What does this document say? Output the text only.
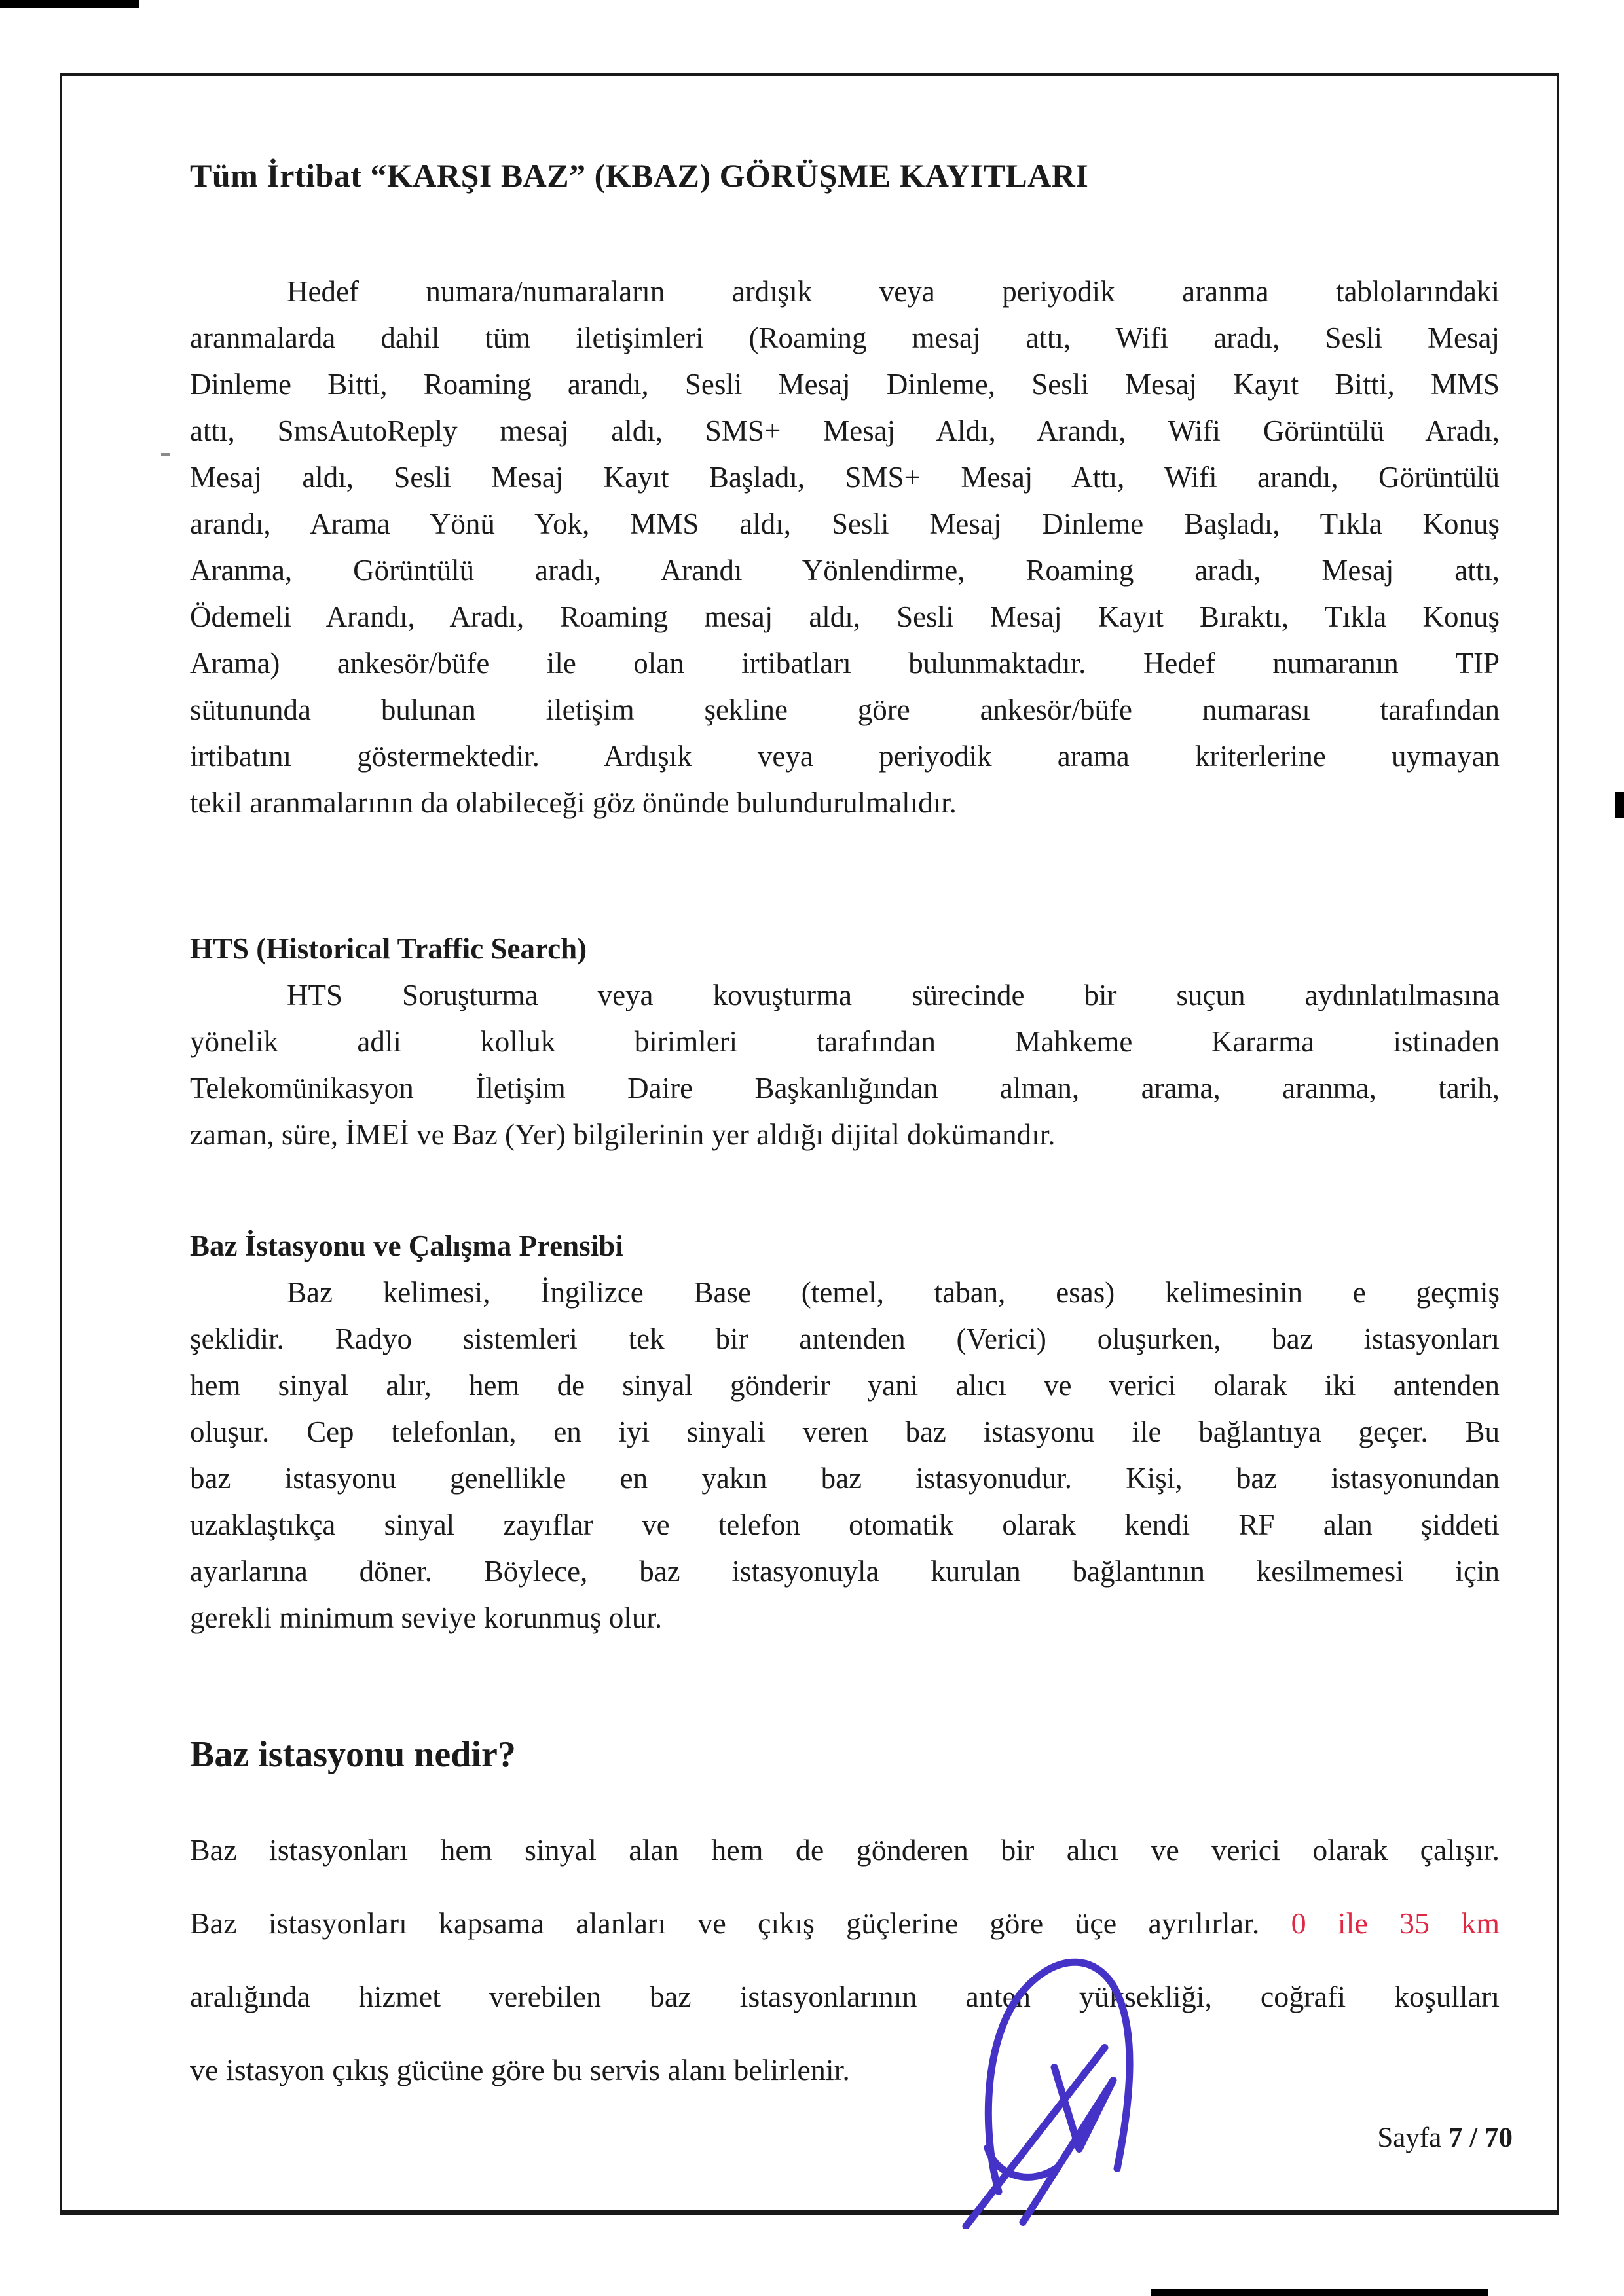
Tüm İrtibat “KARŞI BAZ” (KBAZ) GÖRÜŞME KAYITLARI
Hedef numara/numaraların ardışık veya periyodik aranma tablolarındaki
aranmalarda dahil tüm iletişimleri (Roaming mesaj attı, Wifi aradı, Sesli Mesaj
Dinleme Bitti, Roaming arandı, Sesli Mesaj Dinleme, Sesli Mesaj Kayıt Bitti, MMS
attı, SmsAutoReply mesaj aldı, SMS+ Mesaj Aldı, Arandı, Wifi Görüntülü Aradı,
Mesaj aldı, Sesli Mesaj Kayıt Başladı, SMS+ Mesaj Attı, Wifi arandı, Görüntülü
arandı, Arama Yönü Yok, MMS aldı, Sesli Mesaj Dinleme Başladı, Tıkla Konuş
Aranma, Görüntülü aradı, Arandı Yönlendirme, Roaming aradı, Mesaj attı,
Ödemeli Arandı, Aradı, Roaming mesaj aldı, Sesli Mesaj Kayıt Bıraktı, Tıkla Konuş
Arama) ankesör/büfe ile olan irtibatları bulunmaktadır. Hedef numaranın TIP
sütununda bulunan iletişim şekline göre ankesör/büfe numarası tarafından
irtibatını göstermektedir. Ardışık veya periyodik arama kriterlerine uymayan
tekil aranmalarının da olabileceği göz önünde bulundurulmalıdır.
HTS (Historical Traffic Search)
HTS Soruşturma veya kovuşturma sürecinde bir suçun aydınlatılmasına
yönelik adli kolluk birimleri tarafından Mahkeme Kararma istinaden
Telekomünikasyon İletişim Daire Başkanlığından alman, arama, aranma, tarih,
zaman, süre, İMEİ ve Baz (Yer) bilgilerinin yer aldığı dijital dokümandır.
Baz İstasyonu ve Çalışma Prensibi
Baz kelimesi, İngilizce Base (temel, taban, esas) kelimesinin e geçmiş
şeklidir. Radyo sistemleri tek bir antenden (Verici) oluşurken, baz istasyonları
hem sinyal alır, hem de sinyal gönderir yani alıcı ve verici olarak iki antenden
oluşur. Cep telefonlan, en iyi sinyali veren baz istasyonu ile bağlantıya geçer. Bu
baz istasyonu genellikle en yakın baz istasyonudur. Kişi, baz istasyonundan
uzaklaştıkça sinyal zayıflar ve telefon otomatik olarak kendi RF alan şiddeti
ayarlarına döner. Böylece, baz istasyonuyla kurulan bağlantının kesilmemesi için
gerekli minimum seviye korunmuş olur.
Baz istasyonu nedir?
Baz istasyonları hem sinyal alan hem de gönderen bir alıcı ve verici olarak çalışır.
Baz istasyonları kapsama alanları ve çıkış güçlerine göre üçe ayrılırlar. 0 ile 35 km
aralığında hizmet verebilen baz istasyonlarının anten yüksekliği, coğrafi koşulları
ve istasyon çıkış gücüne göre bu servis alanı belirlenir.
Sayfa 7 / 70
